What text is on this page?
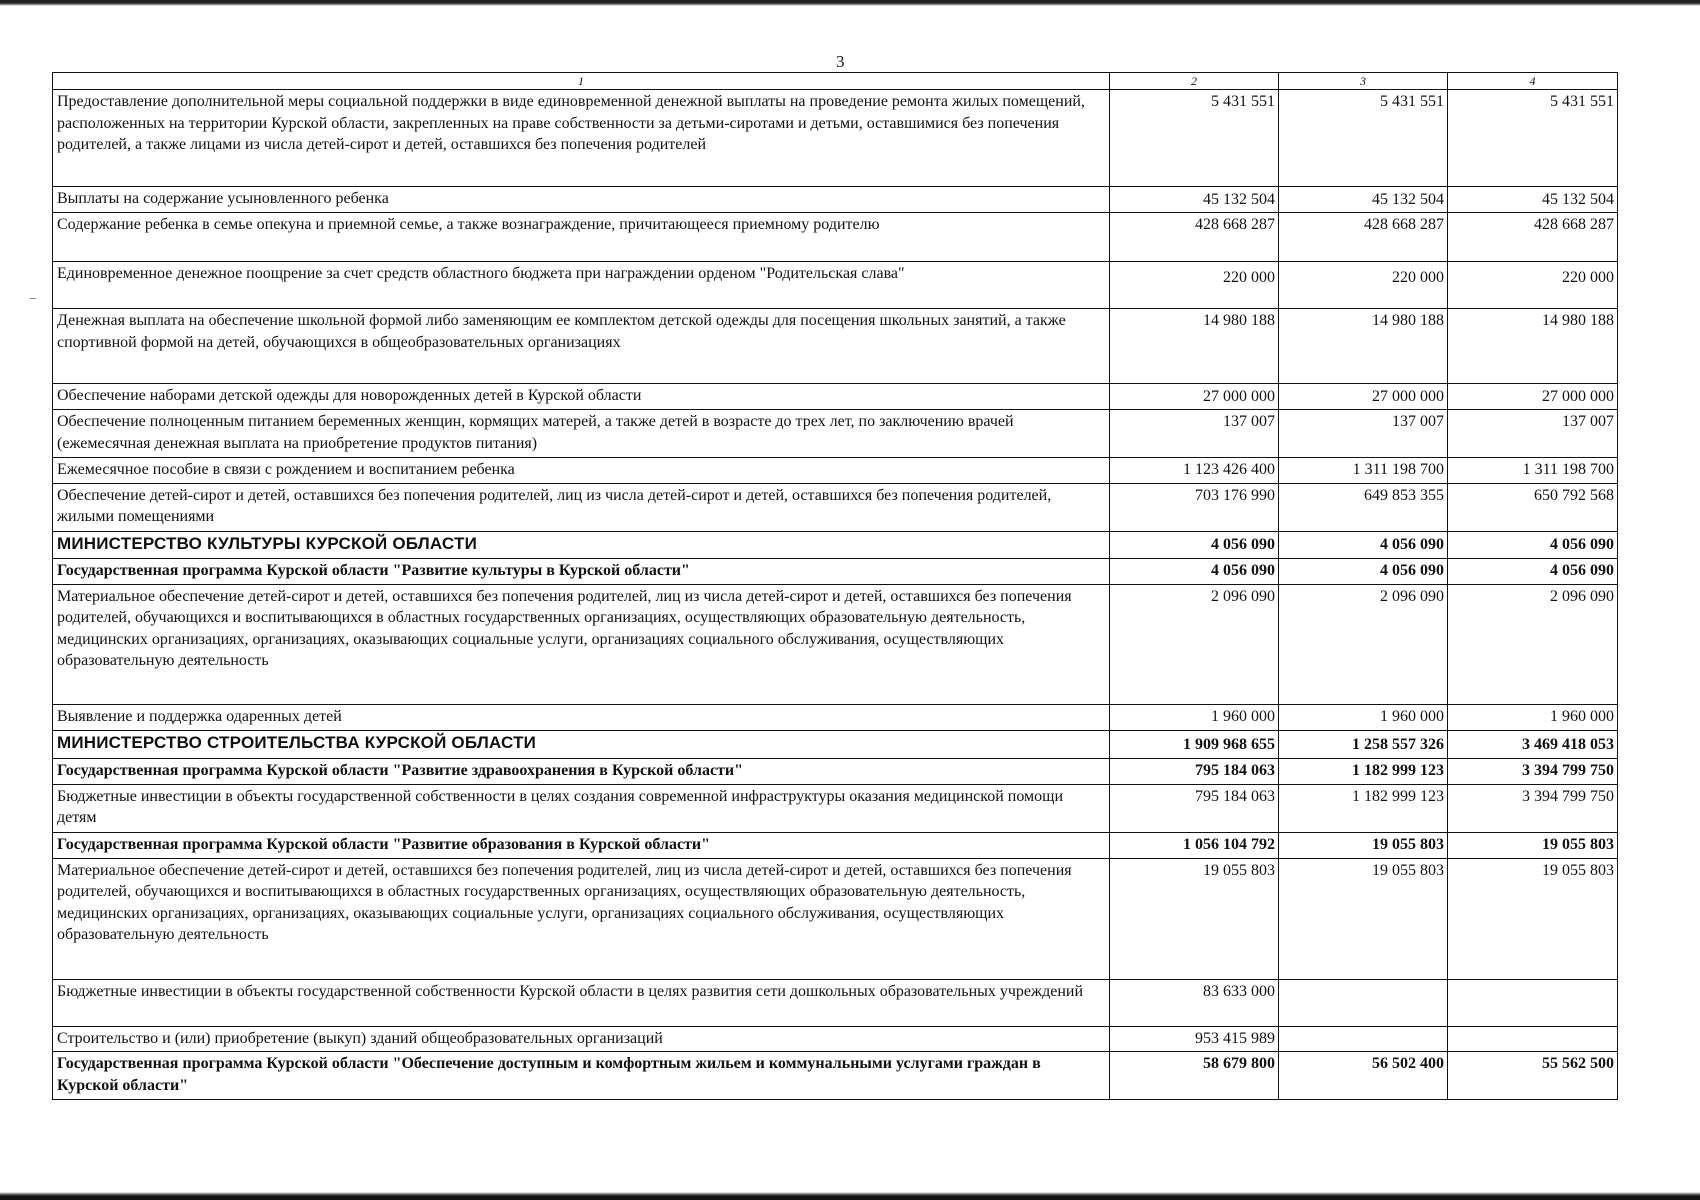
3
1	2	3	4
Предоставление дополнительной меры социальной поддержки в виде единовременной денежной выплаты на проведение ремонта жилых помещений, расположенных на территории Курской области, закрепленных на праве собственности за детьми-сиротами и детьми, оставшимися без попечения родителей, а также лицами из числа детей-сирот и детей, оставшихся без попечения родителей	5 431 551	5 431 551	5 431 551
Выплаты на содержание усыновленного ребенка	45 132 504	45 132 504	45 132 504
Содержание ребенка в семье опекуна и приемной семье, а также вознаграждение, причитающееся приемному родителю	428 668 287	428 668 287	428 668 287
Единовременное денежное поощрение за счет средств областного бюджета при награждении орденом "Родительская слава"	220 000	220 000	220 000
Денежная выплата на обеспечение школьной формой либо заменяющим ее комплектом детской одежды для посещения школьных занятий, а также спортивной формой на детей, обучающихся в общеобразовательных организациях	14 980 188	14 980 188	14 980 188
Обеспечение наборами детской одежды для новорожденных детей в Курской области	27 000 000	27 000 000	27 000 000
Обеспечение полноценным питанием беременных женщин, кормящих матерей, а также детей в возрасте до трех лет, по заключению врачей (ежемесячная денежная выплата на приобретение продуктов питания)	137 007	137 007	137 007
Ежемесячное пособие в связи с рождением и воспитанием ребенка	1 123 426 400	1 311 198 700	1 311 198 700
Обеспечение детей-сирот и детей, оставшихся без попечения родителей, лиц из числа детей-сирот и детей, оставшихся без попечения родителей, жилыми помещениями	703 176 990	649 853 355	650 792 568
МИНИСТЕРСТВО КУЛЬТУРЫ КУРСКОЙ ОБЛАСТИ	4 056 090	4 056 090	4 056 090
Государственная программа Курской области "Развитие культуры в Курской области"	4 056 090	4 056 090	4 056 090
Материальное обеспечение детей-сирот и детей, оставшихся без попечения родителей, лиц из числа детей-сирот и детей, оставшихся без попечения родителей, обучающихся и воспитывающихся в областных государственных организациях, осуществляющих образовательную деятельность, медицинских организациях, организациях, оказывающих социальные услуги, организациях социального обслуживания, осуществляющих образовательную деятельность	2 096 090	2 096 090	2 096 090
Выявление и поддержка одаренных детей	1 960 000	1 960 000	1 960 000
МИНИСТЕРСТВО СТРОИТЕЛЬСТВА КУРСКОЙ ОБЛАСТИ	1 909 968 655	1 258 557 326	3 469 418 053
Государственная программа Курской области "Развитие здравоохранения в Курской области"	795 184 063	1 182 999 123	3 394 799 750
Бюджетные инвестиции в объекты государственной собственности в целях создания современной инфраструктуры оказания медицинской помощи детям	795 184 063	1 182 999 123	3 394 799 750
Государственная программа Курской области "Развитие образования в Курской области"	1 056 104 792	19 055 803	19 055 803
Материальное обеспечение детей-сирот и детей, оставшихся без попечения родителей, лиц из числа детей-сирот и детей, оставшихся без попечения родителей, обучающихся и воспитывающихся в областных государственных организациях, осуществляющих образовательную деятельность, медицинских организациях, организациях, оказывающих социальные услуги, организациях социального обслуживания, осуществляющих образовательную деятельность	19 055 803	19 055 803	19 055 803
Бюджетные инвестиции в объекты государственной собственности Курской области в целях развития сети дошкольных образовательных учреждений	83 633 000		
Строительство и (или) приобретение (выкуп) зданий общеобразовательных организаций	953 415 989		
Государственная программа Курской области "Обеспечение доступным и комфортным жильем и коммунальными услугами граждан в Курской области"	58 679 800	56 502 400	55 562 500
